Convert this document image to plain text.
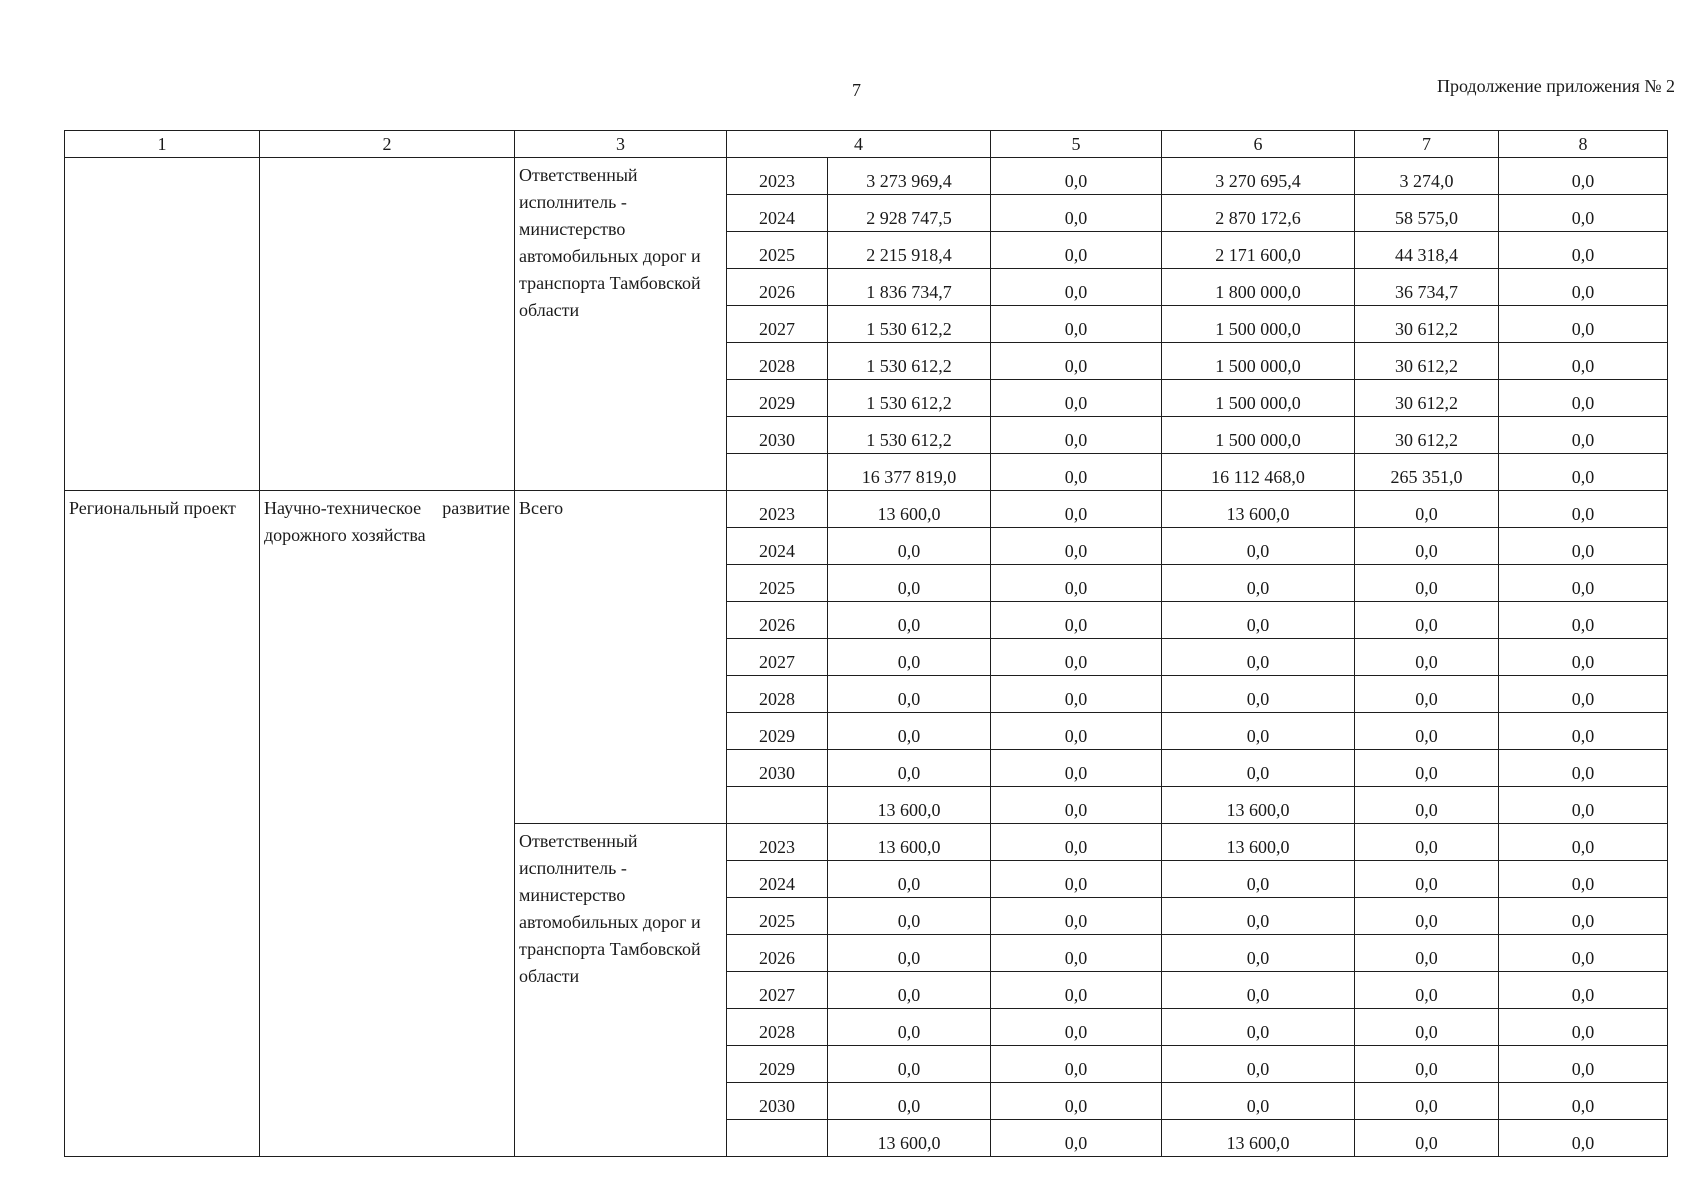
7	Продолжение приложения № 2
1	2	3	4		5	6	7	8
		Ответственный исполнитель - министерство автомобильных дорог и транспорта Тамбовской области	2023	3 273 969,4	0,0	3 270 695,4	3 274,0	0,0
			2024	2 928 747,5	0,0	2 870 172,6	58 575,0	0,0
			2025	2 215 918,4	0,0	2 171 600,0	44 318,4	0,0
			2026	1 836 734,7	0,0	1 800 000,0	36 734,7	0,0
			2027	1 530 612,2	0,0	1 500 000,0	30 612,2	0,0
			2028	1 530 612,2	0,0	1 500 000,0	30 612,2	0,0
			2029	1 530 612,2	0,0	1 500 000,0	30 612,2	0,0
			2030	1 530 612,2	0,0	1 500 000,0	30 612,2	0,0
				16 377 819,0	0,0	16 112 468,0	265 351,0	0,0
Региональный проект	Научно-техническое развитие дорожного хозяйства	Всего	2023	13 600,0	0,0	13 600,0	0,0	0,0
			2024	0,0	0,0	0,0	0,0	0,0
			2025	0,0	0,0	0,0	0,0	0,0
			2026	0,0	0,0	0,0	0,0	0,0
			2027	0,0	0,0	0,0	0,0	0,0
			2028	0,0	0,0	0,0	0,0	0,0
			2029	0,0	0,0	0,0	0,0	0,0
			2030	0,0	0,0	0,0	0,0	0,0
				13 600,0	0,0	13 600,0	0,0	0,0
		Ответственный исполнитель - министерство автомобильных дорог и транспорта Тамбовской области	2023	13 600,0	0,0	13 600,0	0,0	0,0
			2024	0,0	0,0	0,0	0,0	0,0
			2025	0,0	0,0	0,0	0,0	0,0
			2026	0,0	0,0	0,0	0,0	0,0
			2027	0,0	0,0	0,0	0,0	0,0
			2028	0,0	0,0	0,0	0,0	0,0
			2029	0,0	0,0	0,0	0,0	0,0
			2030	0,0	0,0	0,0	0,0	0,0
				13 600,0	0,0	13 600,0	0,0	0,0
